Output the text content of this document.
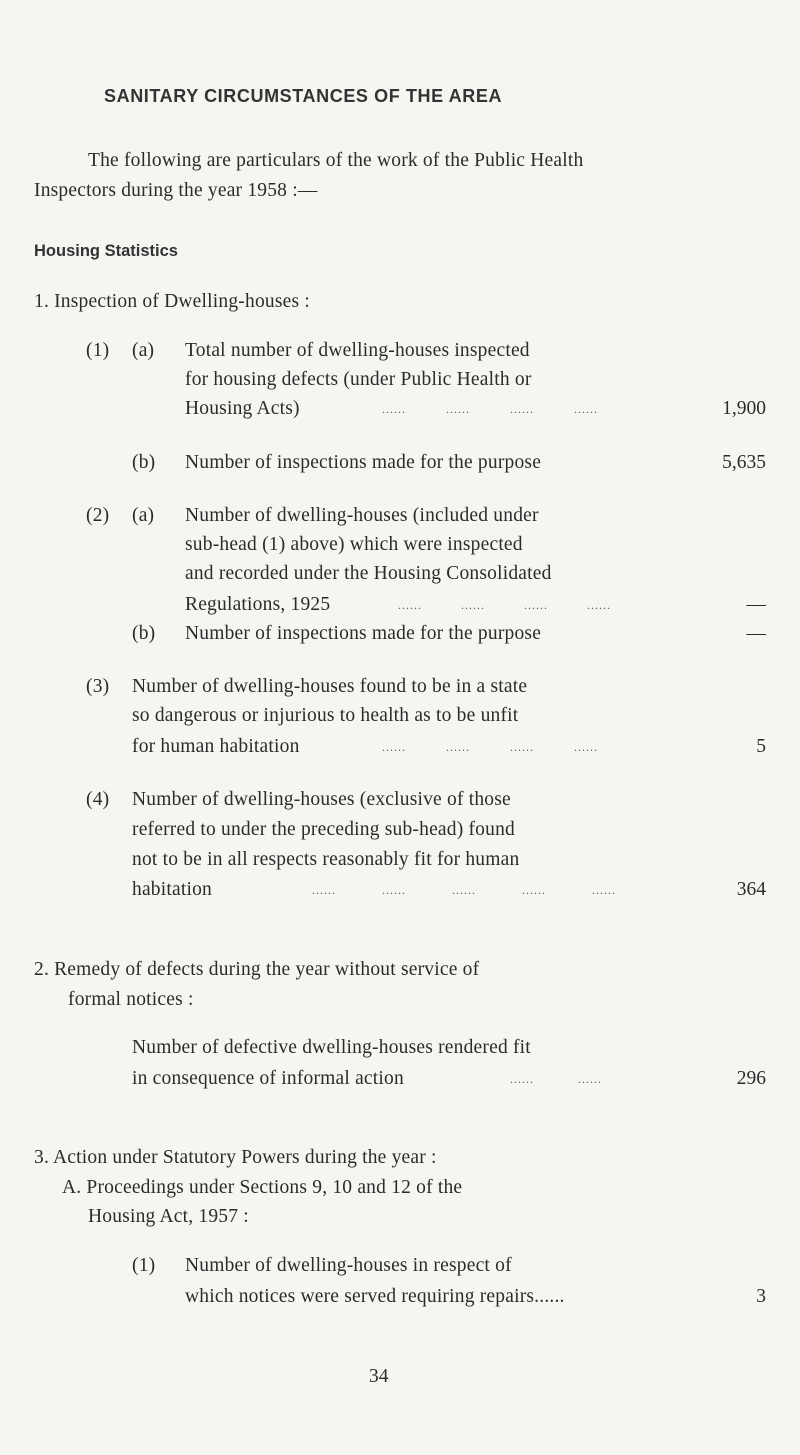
SANITARY CIRCUMSTANCES OF THE AREA
The following are particulars of the work of the Public Health
Inspectors during the year 1958 :—
Housing Statistics
1. Inspection of Dwelling-houses :
(1) (a) Total number of dwelling-houses inspected
for housing defects (under Public Health or
Housing Acts)	......	......	......	......	1,900
(b) Number of inspections made for the purpose	5,635
(2) (a) Number of dwelling-houses (included under
sub-head (1) above) which were inspected
and recorded under the Housing Consolidated
Regulations, 1925	......	......	......	......	—
(b) Number of inspections made for the purpose	—
(3) Number of dwelling-houses found to be in a state
so dangerous or injurious to health as to be unfit
for human habitation	......	......	......	......	5
(4) Number of dwelling-houses (exclusive of those
referred to under the preceding sub-head) found
not to be in all respects reasonably fit for human
habitation	......	......	......	......	......	364
2. Remedy of defects during the year without service of
formal notices :
Number of defective dwelling-houses rendered fit
in consequence of informal action	......	......	296
3. Action under Statutory Powers during the year :
A. Proceedings under Sections 9, 10 and 12 of the
Housing Act, 1957 :
(1) Number of dwelling-houses in respect of
which notices were served requiring repairs......	3
34
